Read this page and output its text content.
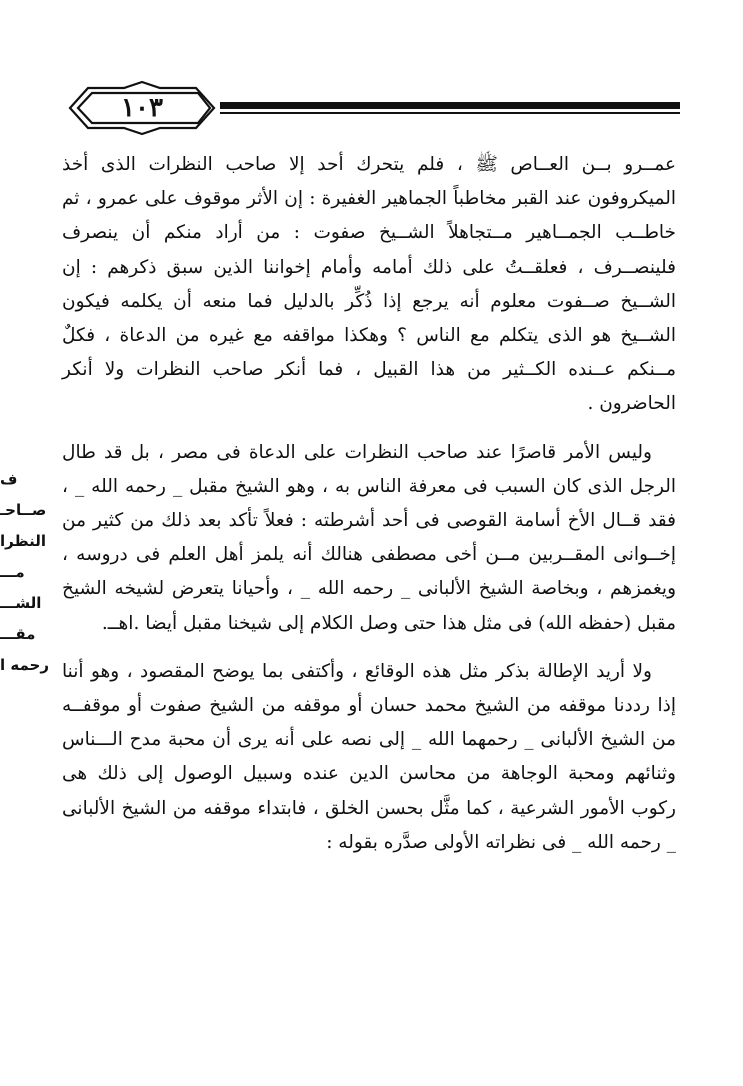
١٠٣
ف
صــاحـ
النظرا
مـــ
الشـــ
مقـــ
رحمه ا

عمــرو بــن العــاص ﷺ ، فلم يتحرك أحد إلا صاحب النظرات الذى أخذ الميكروفون عند القبر مخاطباً الجماهير الغفيرة : إن الأثر موقوف على عمرو ، ثم خاطــب الجمــاهير مــتجاهلاً الشــيخ صفوت : من أراد منكم أن ينصرف فلينصــرف ، فعلقــتُ على ذلك أمامه وأمام إخواننا الذين سبق ذكرهم : إن الشــيخ صــفوت معلوم أنه يرجع إذا ذُكِّر بالدليل فما منعه أن يكلمه فيكون الشــيخ هو الذى يتكلم مع الناس ؟ وهكذا مواقفه مع غيره من الدعاة ، فكلٌ مــنكم عــنده الكــثير من هذا القبيل ، فما أنكر صاحب النظرات ولا أنكر الحاضرون .

وليس الأمر قاصرًا عند صاحب النظرات على الدعاة فى مصر ، بل قد طال الرجل الذى كان السبب فى معرفة الناس به ، وهو الشيخ مقبل _ رحمه الله _ ، فقد قــال الأخ أسامة القوصى فى أحد أشرطته : فعلاً تأكد بعد ذلك من كثير من إخــوانى المقــربين مــن أخى مصطفى هنالك أنه يلمز أهل العلم فى دروسه ، ويغمزهم ، وبخاصة الشيخ الألبانى _ رحمه الله _ ، وأحيانا يتعرض لشيخه الشيخ مقبل (حفظه الله) فى مثل هذا حتى وصل الكلام إلى شيخنا مقبل أيضا .اهــ.

ولا أريد الإطالة بذكر مثل هذه الوقائع ، وأكتفى بما يوضح المقصود ، وهو أننا إذا رددنا موقفه من الشيخ محمد حسان أو موقفه من الشيخ صفوت أو موقفــه من الشيخ الألبانى _ رحمهما الله _ إلى نصه على أنه يرى أن محبة مدح الـــناس وثنائهم ومحبة الوجاهة من محاسن الدين عنده وسبيل الوصول إلى ذلك هى ركوب الأمور الشرعية ، كما مثَّل بحسن الخلق ، فابتداء موقفه من الشيخ الألبانى _ رحمه الله _ فى نظراته الأولى صدَّره بقوله :
